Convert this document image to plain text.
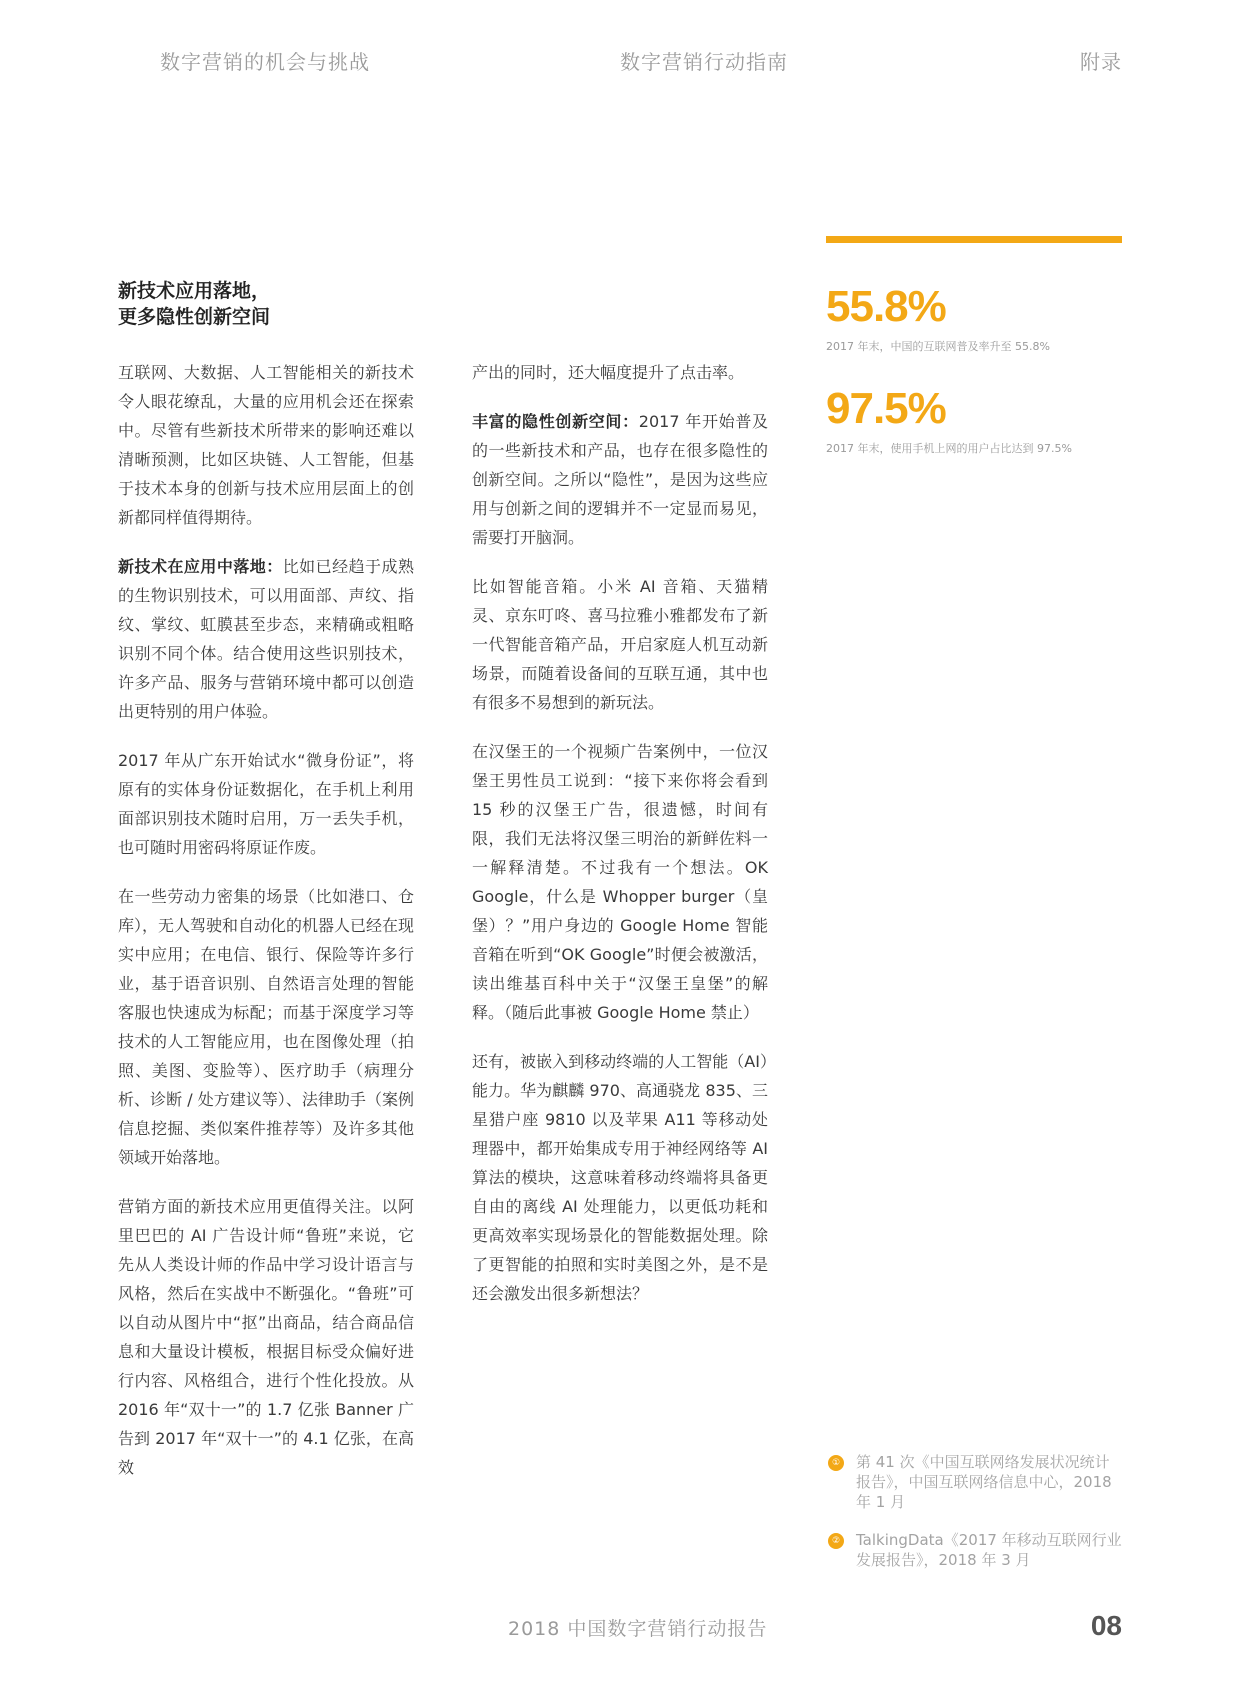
数字营销的机会与挑战	数字营销行动指南	附录
新技术应用落地，
更多隐性创新空间

互联网、大数据、人工智能相关的新技术令人眼花缭乱，大量的应用机会还在探索中。尽管有些新技术所带来的影响还难以清晰预测，比如区块链、人工智能，但基于技术本身的创新与技术应用层面上的创新都同样值得期待。

新技术在应用中落地：比如已经趋于成熟的生物识别技术，可以用面部、声纹、指纹、掌纹、虹膜甚至步态，来精确或粗略识别不同个体。结合使用这些识别技术，许多产品、服务与营销环境中都可以创造出更特别的用户体验。

2017 年从广东开始试水“微身份证”，将原有的实体身份证数据化，在手机上利用面部识别技术随时启用，万一丢失手机，也可随时用密码将原证作废。

在一些劳动力密集的场景（比如港口、仓库），无人驾驶和自动化的机器人已经在现实中应用；在电信、银行、保险等许多行业，基于语音识别、自然语言处理的智能客服也快速成为标配；而基于深度学习等技术的人工智能应用，也在图像处理（拍照、美图、变脸等）、医疗助手（病理分析、诊断 / 处方建议等）、法律助手（案例信息挖掘、类似案件推荐等）及许多其他领域开始落地。

营销方面的新技术应用更值得关注。以阿里巴巴的 AI 广告设计师“鲁班”来说，它先从人类设计师的作品中学习设计语言与风格，然后在实战中不断强化。“鲁班”可以自动从图片中“抠”出商品，结合商品信息和大量设计模板，根据目标受众偏好进行内容、风格组合，进行个性化投放。从 2016 年“双十一”的 1.7 亿张 Banner 广告到 2017 年“双十一”的 4.1 亿张，在高效

产出的同时，还大幅度提升了点击率。

丰富的隐性创新空间：2017 年开始普及的一些新技术和产品，也存在很多隐性的创新空间。之所以“隐性”，是因为这些应用与创新之间的逻辑并不一定显而易见，需要打开脑洞。

比如智能音箱。小米 AI 音箱、天猫精灵、京东叮咚、喜马拉雅小雅都发布了新一代智能音箱产品，开启家庭人机互动新场景，而随着设备间的互联互通，其中也有很多不易想到的新玩法。

在汉堡王的一个视频广告案例中，一位汉堡王男性员工说到：“接下来你将会看到 15 秒的汉堡王广告，很遗憾，时间有限，我们无法将汉堡三明治的新鲜佐料一一解释清楚。不过我有一个想法。OK Google，什么是 Whopper burger（皇堡）？”用户身边的 Google Home 智能音箱在听到“OK Google”时便会被激活，读出维基百科中关于“汉堡王皇堡”的解释。（随后此事被 Google Home 禁止）

还有，被嵌入到移动终端的人工智能（AI）能力。华为麒麟 970、高通骁龙 835、三星猎户座 9810 以及苹果 A11 等移动处理器中，都开始集成专用于神经网络等 AI 算法的模块，这意味着移动终端将具备更自由的离线 AI 处理能力，以更低功耗和更高效率实现场景化的智能数据处理。除了更智能的拍照和实时美图之外，是不是还会激发出很多新想法？

55.8%
2017 年末，中国的互联网普及率升至 55.8%
97.5%
2017 年末，使用手机上网的用户占比达到 97.5%
① 第 41 次《中国互联网络发展状况统计报告》，中国互联网络信息中心，2018 年 1 月
② TalkingData《2017 年移动互联网行业发展报告》，2018 年 3 月
2018 中国数字营销行动报告	08
